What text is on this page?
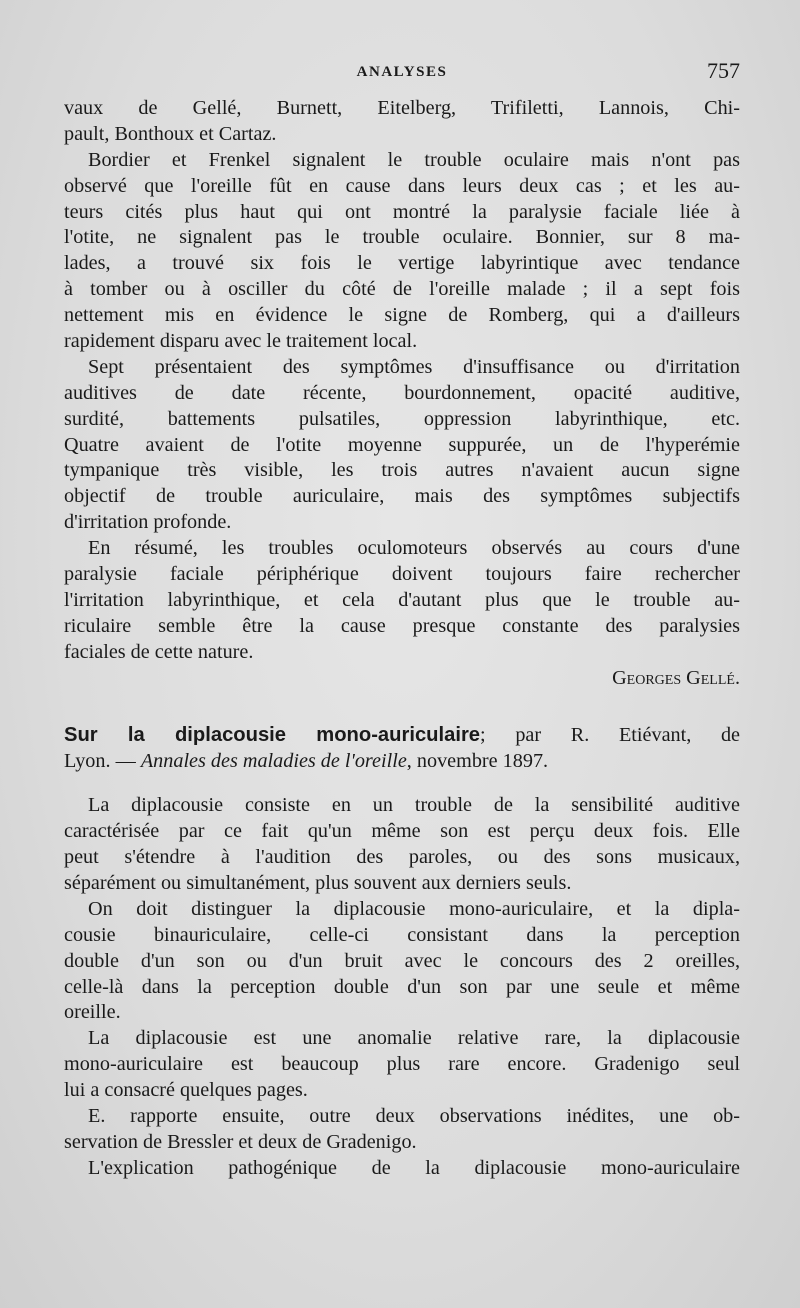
ANALYSES	757
vaux de Gellé, Burnett, Eitelberg, Trifiletti, Lannois, Chi-
pault, Bonthoux et Cartaz.
Bordier et Frenkel signalent le trouble oculaire mais n'ont pas
observé que l'oreille fût en cause dans leurs deux cas ; et les au-
teurs cités plus haut qui ont montré la paralysie faciale liée à
l'otite, ne signalent pas le trouble oculaire. Bonnier, sur 8 ma-
lades, a trouvé six fois le vertige labyrintique avec tendance
à tomber ou à osciller du côté de l'oreille malade ; il a sept fois
nettement mis en évidence le signe de Romberg, qui a d'ailleurs
rapidement disparu avec le traitement local.
Sept présentaient des symptômes d'insuffisance ou d'irritation
auditives de date récente, bourdonnement, opacité auditive,
surdité, battements pulsatiles, oppression labyrinthique, etc.
Quatre avaient de l'otite moyenne suppurée, un de l'hyperémie
tympanique très visible, les trois autres n'avaient aucun signe
objectif de trouble auriculaire, mais des symptômes subjectifs
d'irritation profonde.
En résumé, les troubles oculomoteurs observés au cours d'une
paralysie faciale périphérique doivent toujours faire rechercher
l'irritation labyrinthique, et cela d'autant plus que le trouble au-
riculaire semble être la cause presque constante des paralysies
faciales de cette nature.
Georges Gellé.
Sur la diplacousie mono-auriculaire; par R. Etiévant, de
Lyon. — Annales des maladies de l'oreille, novembre 1897.
La diplacousie consiste en un trouble de la sensibilité auditive
caractérisée par ce fait qu'un même son est perçu deux fois. Elle
peut s'étendre à l'audition des paroles, ou des sons musicaux,
séparément ou simultanément, plus souvent aux derniers seuls.
On doit distinguer la diplacousie mono-auriculaire, et la dipla-
cousie binauriculaire, celle-ci consistant dans la perception
double d'un son ou d'un bruit avec le concours des 2 oreilles,
celle-là dans la perception double d'un son par une seule et même
oreille.
La diplacousie est une anomalie relative rare, la diplacousie
mono-auriculaire est beaucoup plus rare encore. Gradenigo seul
lui a consacré quelques pages.
E. rapporte ensuite, outre deux observations inédites, une ob-
servation de Bressler et deux de Gradenigo.
L'explication pathogénique de la diplacousie mono-auriculaire
